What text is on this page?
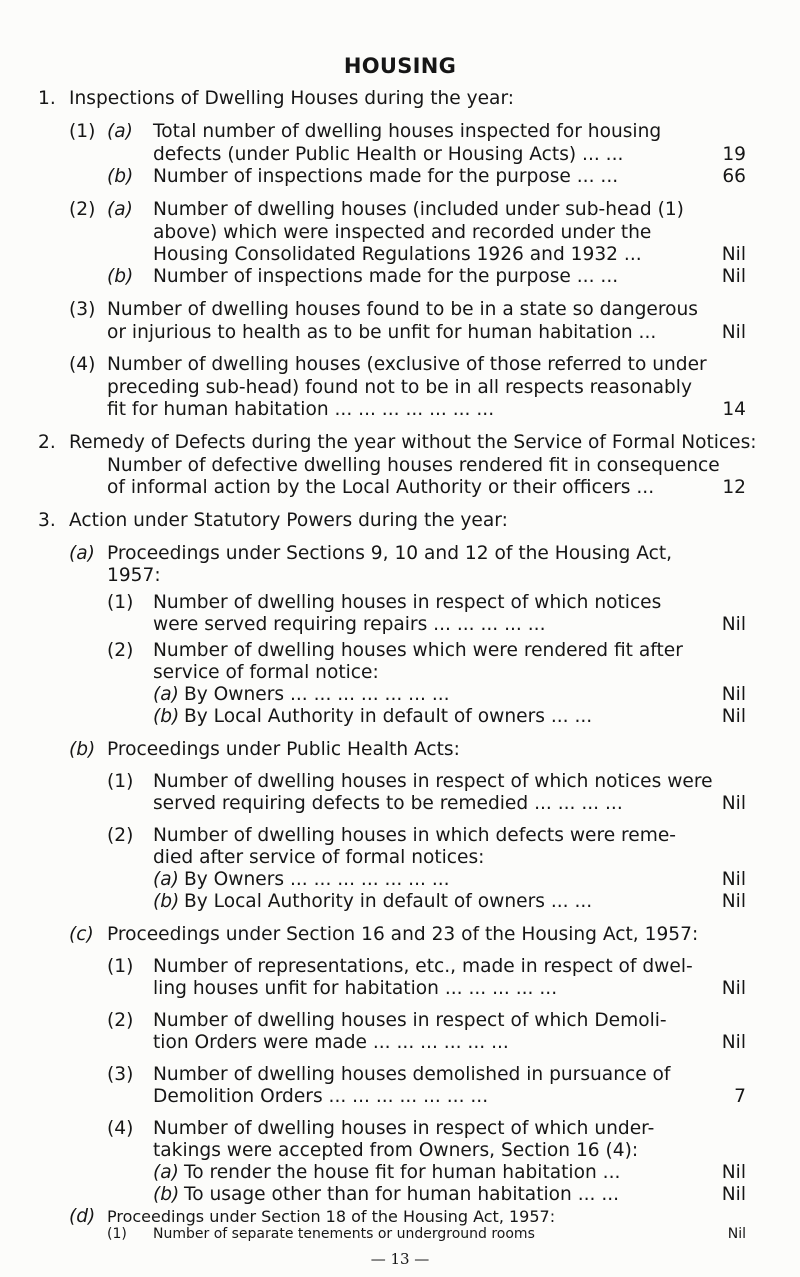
HOUSING
1. Inspections of Dwelling Houses during the year:
(1) (a) Total number of dwelling houses inspected for housing
defects (under Public Health or Housing Acts) ... ...	19
(b) Number of inspections made for the purpose ... ...	66
(2) (a) Number of dwelling houses (included under sub-head (1)
above) which were inspected and recorded under the
Housing Consolidated Regulations 1926 and 1932 ...	Nil
(b) Number of inspections made for the purpose ... ...	Nil
(3) Number of dwelling houses found to be in a state so dangerous
or injurious to health as to be unfit for human habitation ...	Nil
(4) Number of dwelling houses (exclusive of those referred to under
preceding sub-head) found not to be in all respects reasonably
fit for human habitation ... ... ... ... ... ... ...	14
2. Remedy of Defects during the year without the Service of Formal Notices:
Number of defective dwelling houses rendered fit in consequence
of informal action by the Local Authority or their officers ...	12
3. Action under Statutory Powers during the year:
(a) Proceedings under Sections 9, 10 and 12 of the Housing Act,
1957:
(1) Number of dwelling houses in respect of which notices
were served requiring repairs ... ... ... ... ...	Nil
(2) Number of dwelling houses which were rendered fit after
service of formal notice:
(a) By Owners ... ... ... ... ... ... ...	Nil
(b) By Local Authority in default of owners ... ...	Nil
(b) Proceedings under Public Health Acts:
(1) Number of dwelling houses in respect of which notices were
served requiring defects to be remedied ... ... ... ...	Nil
(2) Number of dwelling houses in which defects were reme-
died after service of formal notices:
(a) By Owners ... ... ... ... ... ... ...	Nil
(b) By Local Authority in default of owners ... ...	Nil
(c) Proceedings under Section 16 and 23 of the Housing Act, 1957:
(1) Number of representations, etc., made in respect of dwel-
ling houses unfit for habitation ... ... ... ... ...	Nil
(2) Number of dwelling houses in respect of which Demoli-
tion Orders were made ... ... ... ... ... ...	Nil
(3) Number of dwelling houses demolished in pursuance of
Demolition Orders ... ... ... ... ... ... ...	7
(4) Number of dwelling houses in respect of which under-
takings were accepted from Owners, Section 16 (4):
(a) To render the house fit for human habitation ...	Nil
(b) To usage other than for human habitation ... ...	Nil
(d) Proceedings under Section 18 of the Housing Act, 1957:
(1) Number of separate tenements or underground rooms	Nil
— 13 —
